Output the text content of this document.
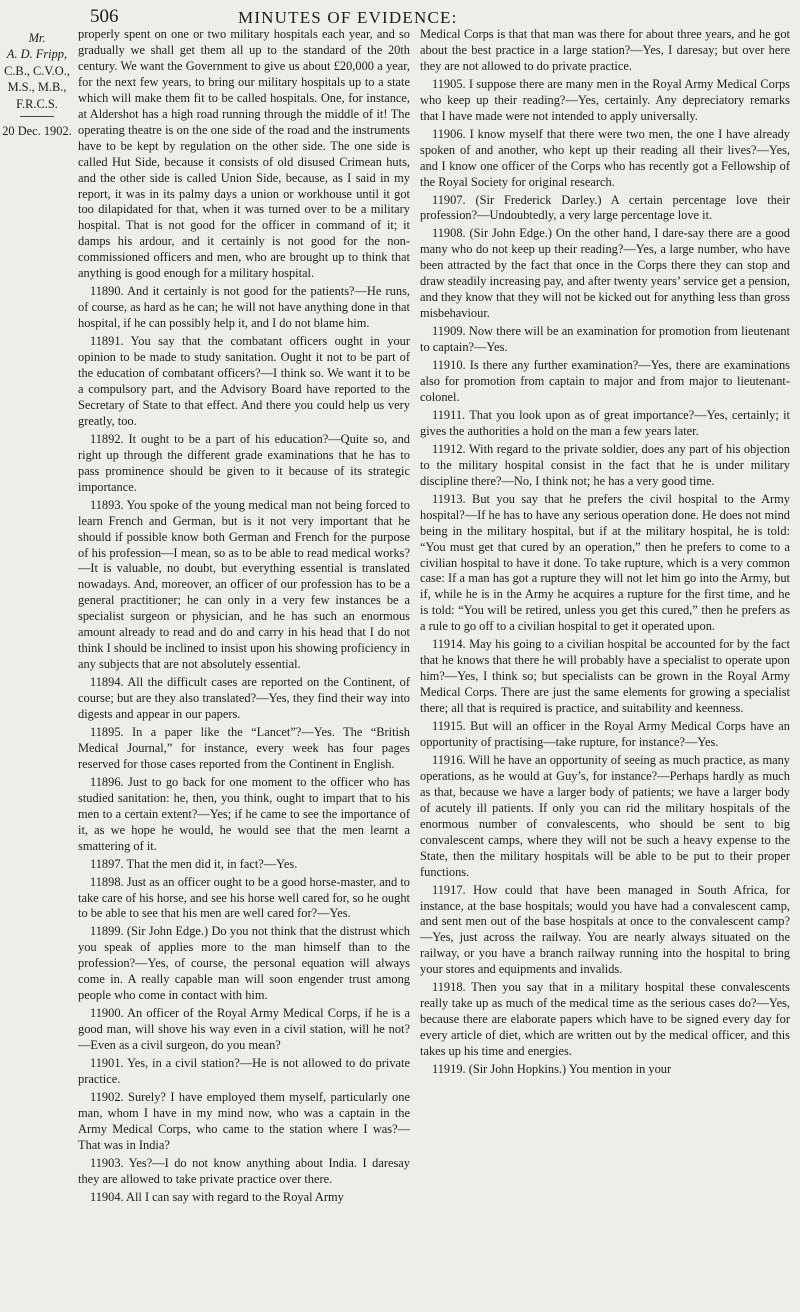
506	MINUTES OF EVIDENCE:
Mr.
A. D. Fripp,
C.B., C.V.O.,
M.S., M.B.,
F.R.C.S.
20 Dec. 1902.

properly spent on one or two military hospitals each year, and so gradually we shall get them all up to the standard of the 20th century. We want the Government to give us about £20,000 a year, for the next few years, to bring our military hospitals up to a state which will make them fit to be called hospitals. One, for instance, at Aldershot has a high road running through the middle of it! The operating theatre is on the one side of the road and the instruments have to be kept by regulation on the other side. The one side is called Hut Side, because it consists of old disused Crimean huts, and the other side is called Union Side, because, as I said in my report, it was in its palmy days a union or workhouse until it got too dilapidated for that, when it was turned over to be a military hospital. That is not good for the officer in command of it; it damps his ardour, and it certainly is not good for the non-commissioned officers and men, who are brought up to think that anything is good enough for a military hospital.

11890. And it certainly is not good for the patients?—He runs, of course, as hard as he can; he will not have anything done in that hospital, if he can possibly help it, and I do not blame him.

11891. You say that the combatant officers ought in your opinion to be made to study sanitation. Ought it not to be part of the education of combatant officers?—I think so. We want it to be a compulsory part, and the Advisory Board have reported to the Secretary of State to that effect. And there you could help us very greatly, too.

11892. It ought to be a part of his education?—Quite so, and right up through the different grade examinations that he has to pass prominence should be given to it because of its strategic importance.

11893. You spoke of the young medical man not being forced to learn French and German, but is it not very important that he should if possible know both German and French for the purpose of his profession—I mean, so as to be able to read medical works?—It is valuable, no doubt, but everything essential is translated nowadays. And, moreover, an officer of our profession has to be a general practitioner; he can only in a very few instances be a specialist surgeon or physician, and he has such an enormous amount already to read and do and carry in his head that I do not think I should be inclined to insist upon his showing proficiency in any subjects that are not absolutely essential.

11894. All the difficult cases are reported on the Continent, of course; but are they also translated?—Yes, they find their way into digests and appear in our papers.

11895. In a paper like the “Lancet”?—Yes. The “British Medical Journal,” for instance, every week has four pages reserved for those cases reported from the Continent in English.

11896. Just to go back for one moment to the officer who has studied sanitation: he, then, you think, ought to impart that to his men to a certain extent?—Yes; if he came to see the importance of it, as we hope he would, he would see that the men learnt a smattering of it.

11897. That the men did it, in fact?—Yes.

11898. Just as an officer ought to be a good horse-master, and to take care of his horse, and see his horse well cared for, so he ought to be able to see that his men are well cared for?—Yes.

11899. (Sir John Edge.) Do you not think that the distrust which you speak of applies more to the man himself than to the profession?—Yes, of course, the personal equation will always come in. A really capable man will soon engender trust among people who come in contact with him.

11900. An officer of the Royal Army Medical Corps, if he is a good man, will shove his way even in a civil station, will he not?—Even as a civil surgeon, do you mean?

11901. Yes, in a civil station?—He is not allowed to do private practice.

11902. Surely? I have employed them myself, particularly one man, whom I have in my mind now, who was a captain in the Army Medical Corps, who came to the station where I was?—That was in India?

11903. Yes?—I do not know anything about India. I daresay they are allowed to take private practice over there.

11904. All I can say with regard to the Royal Army

Medical Corps is that that man was there for about three years, and he got about the best practice in a large station?—Yes, I daresay; but over here they are not allowed to do private practice.

11905. I suppose there are many men in the Royal Army Medical Corps who keep up their reading?—Yes, certainly. Any depreciatory remarks that I have made were not intended to apply universally.

11906. I know myself that there were two men, the one I have already spoken of and another, who kept up their reading all their lives?—Yes, and I know one officer of the Corps who has recently got a Fellowship of the Royal Society for original research.

11907. (Sir Frederick Darley.) A certain percentage love their profession?—Undoubtedly, a very large percentage love it.

11908. (Sir John Edge.) On the other hand, I dare-say there are a good many who do not keep up their reading?—Yes, a large number, who have been attracted by the fact that once in the Corps there they can stop and draw steadily increasing pay, and after twenty years’ service get a pension, and they know that they will not be kicked out for anything less than gross misbehaviour.

11909. Now there will be an examination for promotion from lieutenant to captain?—Yes.

11910. Is there any further examination?—Yes, there are examinations also for promotion from captain to major and from major to lieutenant-colonel.

11911. That you look upon as of great importance?—Yes, certainly; it gives the authorities a hold on the man a few years later.

11912. With regard to the private soldier, does any part of his objection to the military hospital consist in the fact that he is under military discipline there?—No, I think not; he has a very good time.

11913. But you say that he prefers the civil hospital to the Army hospital?—If he has to have any serious operation done. He does not mind being in the military hospital, but if at the military hospital, he is told: “You must get that cured by an operation,” then he prefers to come to a civilian hospital to have it done. To take rupture, which is a very common case: If a man has got a rupture they will not let him go into the Army, but if, while he is in the Army he acquires a rupture for the first time, and he is told: “You will be retired, unless you get this cured,” then he prefers as a rule to go off to a civilian hospital to get it operated upon.

11914. May his going to a civilian hospital be accounted for by the fact that he knows that there he will probably have a specialist to operate upon him?—Yes, I think so; but specialists can be grown in the Royal Army Medical Corps. There are just the same elements for growing a specialist there; all that is required is practice, and suitability and keenness.

11915. But will an officer in the Royal Army Medical Corps have an opportunity of practising—take rupture, for instance?—Yes.

11916. Will he have an opportunity of seeing as much practice, as many operations, as he would at Guy’s, for instance?—Perhaps hardly as much as that, because we have a larger body of patients; we have a larger body of acutely ill patients. If only you can rid the military hospitals of the enormous number of convalescents, who should be sent to big convalescent camps, where they will not be such a heavy expense to the State, then the military hospitals will be able to be put to their proper functions.

11917. How could that have been managed in South Africa, for instance, at the base hospitals; would you have had a convalescent camp, and sent men out of the base hospitals at once to the convalescent camp?—Yes, just across the railway. You are nearly always situated on the railway, or you have a branch railway running into the hospital to bring your stores and equipments and invalids.

11918. Then you say that in a military hospital these convalescents really take up as much of the medical time as the serious cases do?—Yes, because there are elaborate papers which have to be signed every day for every article of diet, which are written out by the medical officer, and this takes up his time and energies.

11919. (Sir John Hopkins.) You mention in your
